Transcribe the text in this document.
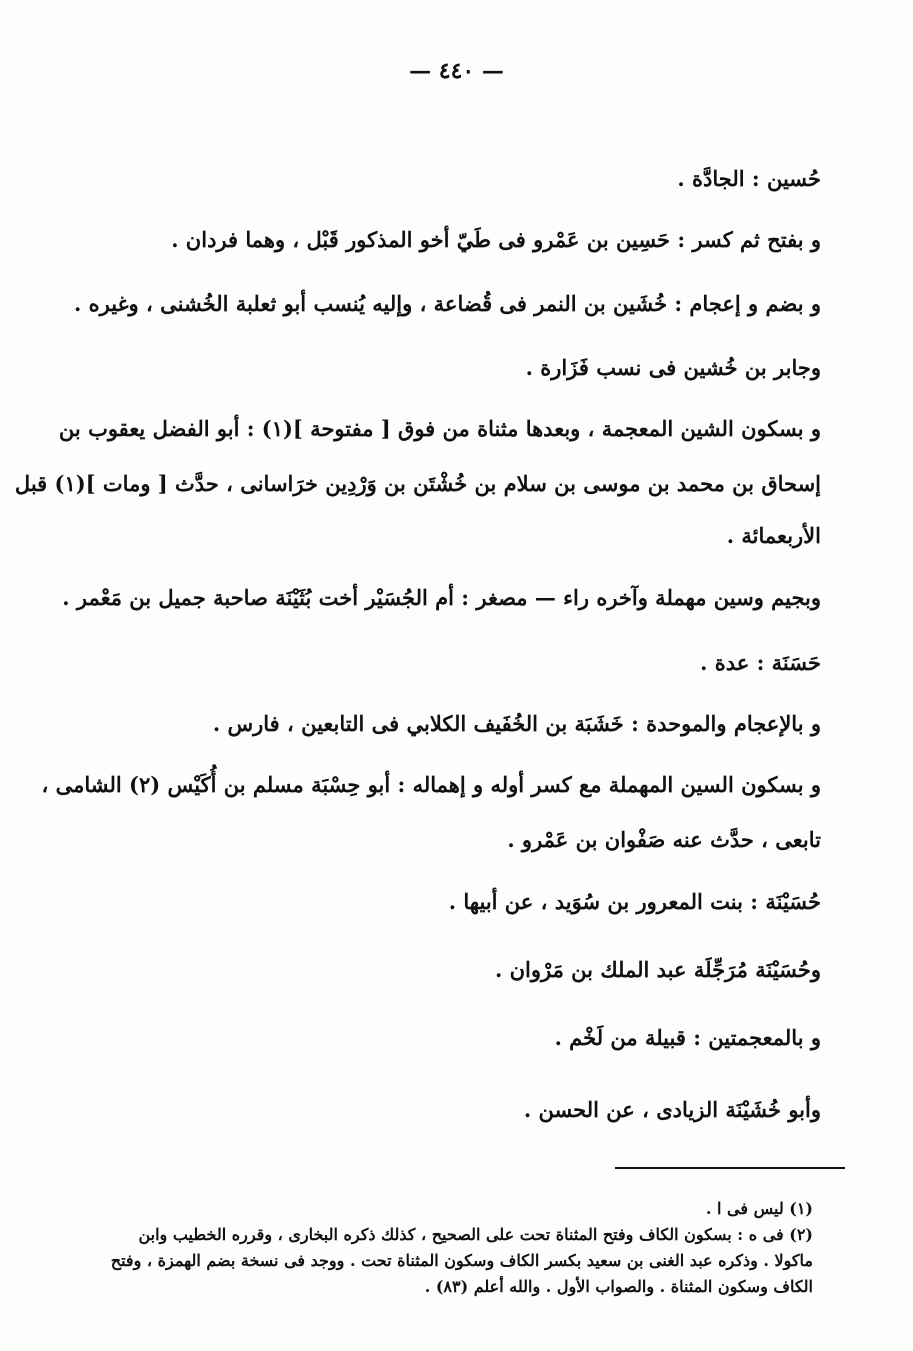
— ٤٤٠ —
حُسين : الجادَّة .
و بفتح ثم كسر : حَسِين بن عَمْرو فى طَيّ أخو المذكور قَبْل ، وهما فردان .
و بضم و إعجام : خُشَين بن النمر فى قُضاعة ، وإليه يُنسب أبو ثعلبة الخُشنى ، وغيره .
وجابر بن خُشين فى نسب فَزَارة .
و بسكون الشين المعجمة ، وبعدها مثناة من فوق [ مفتوحة ](١) : أبو الفضل يعقوب بن
إسحاق بن محمد بن موسى بن سلام بن خُشْتَن بن وَرْدِين خرَاسانى ، حدَّث [ ومات ](١) قبل
الأربعمائة .
وبجيم وسين مهملة وآخره راء — مصغر : أم الجُسَيْر أخت بُثَيْنَة صاحبة جميل بن مَعْمر .
حَسَنَة : عدة .
و بالإعجام والموحدة : خَشَبَة بن الخُفَيف الكلابي فى التابعين ، فارس .
و بسكون السين المهملة مع كسر أوله و إهماله : أبو حِسْبَة مسلم بن أُكَيْس (٢) الشامى ،
تابعى ، حدَّث عنه صَفْوان بن عَمْرو .
حُسَيْنَة : بنت المعرور بن سُوَيد ، عن أبيها .
وحُسَيْنَة مُرَجِّلَة عبد الملك بن مَرْوان .
و بالمعجمتين : قبيلة من لَخْم .
وأبو خُشَيْنَة الزيادى ، عن الحسن .
(١) ليس فى ا .
(٢) فى ه : بسكون الكاف وفتح المثناة تحت على الصحيح ، كذلك ذكره البخارى ، وقرره الخطيب وابن
ماكولا . وذكره عبد الغنى بن سعيد بكسر الكاف وسكون المثناة تحت . ووجد فى نسخة بضم الهمزة ، وفتح
الكاف وسكون المثناة . والصواب الأول . والله أعلم (٨٣) .
